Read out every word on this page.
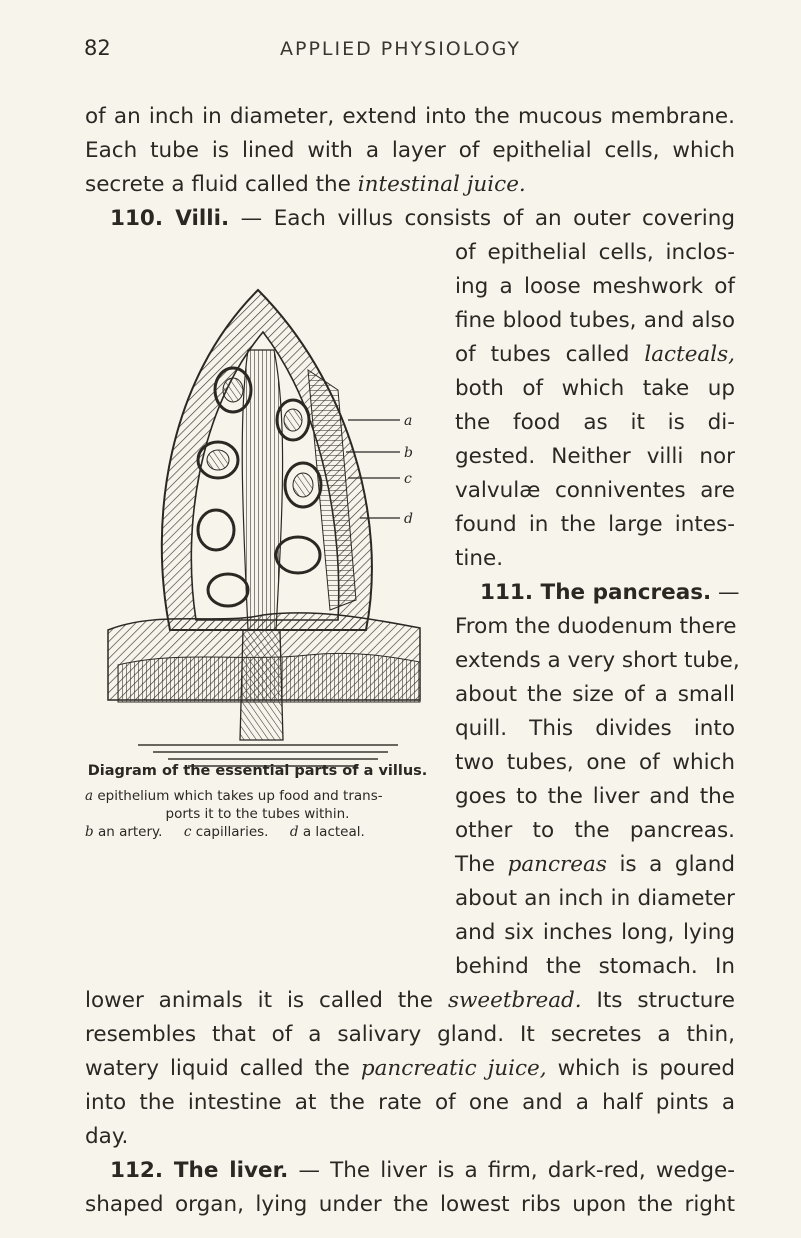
82	APPLIED PHYSIOLOGY
of an inch in diameter, extend into the mucous membrane.
Each tube is lined with a layer of epithelial cells, which
secrete a fluid called the intestinal juice.
110. Villi. — Each villus consists of an outer covering
of epithelial cells, inclos-
ing a loose meshwork of
fine blood tubes, and also
of tubes called lacteals,
both of which take up
the food as it is di-
gested. Neither villi nor
valvulæ conniventes are
found in the large intes-
tine.
111. The pancreas. —
From the duodenum there
extends a very short tube,
about the size of a small
quill. This divides into
two tubes, one of which
goes to the liver and the
other to the pancreas.
The pancreas is a gland
about an inch in diameter
and six inches long, lying
behind the stomach. In
lower animals it is called the sweetbread. Its structure
resembles that of a salivary gland. It secretes a thin,
watery liquid called the pancreatic juice, which is poured
into the intestine at the rate of one and a half pints a
day.
112. The liver. — The liver is a firm, dark-red, wedge-
shaped organ, lying under the lowest ribs upon the right
a
b
c
d
Diagram of the essential parts of a villus.
a epithelium which takes up food and trans-
ports it to the tubes within.
b an artery. c capillaries. d a lacteal.
